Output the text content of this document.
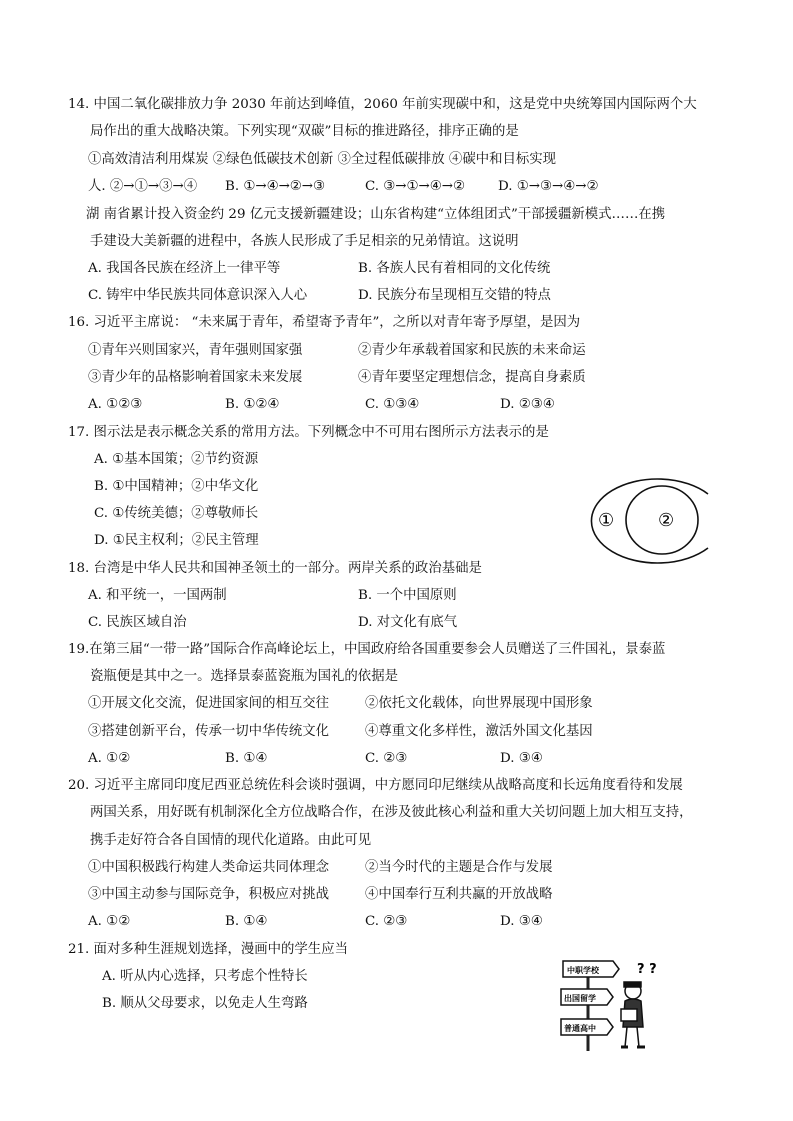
14. 中国二氧化碳排放力争 2030 年前达到峰值，2060 年前实现碳中和，这是党中央统筹国内国际两个大
局作出的重大战略决策。下列实现“双碳”目标的推进路径，排序正确的是
①高效清洁利用煤炭 ②绿色低碳技术创新 ③全过程低碳排放 ④碳中和目标实现
人. ②→①→③→④ B. ①→④→②→③	C. ③→①→④→② D. ①→③→④→②
湖 南省累计投入资金约 29 亿元支援新疆建设；山东省构建“立体组团式”干部援疆新模式……在携
手建设大美新疆的进程中，各族人民形成了手足相亲的兄弟情谊。这说明
A. 我国各民族在经济上一律平等	B. 各族人民有着相同的文化传统
C. 铸牢中华民族共同体意识深入人心	D. 民族分布呈现相互交错的特点
16. 习近平主席说： “未来属于青年，希望寄予青年”，之所以对青年寄予厚望，是因为
①青年兴则国家兴，青年强则国家强	②青少年承载着国家和民族的未来命运
③青少年的品格影响着国家未来发展	④青年要坚定理想信念，提高自身素质
A. ①②③	B. ①②④	C. ①③④	D. ②③④
17. 图示法是表示概念关系的常用方法。下列概念中不可用右图所示方法表示的是
A. ①基本国策；②节约资源
B. ①中国精神；②中华文化
C. ①传统美德；②尊敬师长
D. ①民主权利；②民主管理
① ②
18. 台湾是中华人民共和国神圣领土的一部分。两岸关系的政治基础是
A. 和平统一，一国两制	B. 一个中国原则
C. 民族区域自治	D. 对文化有底气
19.在第三届“一带一路”国际合作高峰论坛上，中国政府给各国重要参会人员赠送了三件国礼，景泰蓝
瓷瓶便是其中之一。选择景泰蓝瓷瓶为国礼的依据是
①开展文化交流，促进国家间的相互交往	②依托文化载体，向世界展现中国形象
③搭建创新平台，传承一切中华传统文化	④尊重文化多样性，激活外国文化基因
A. ①②	B. ①④	C. ②③	D. ③④
20. 习近平主席同印度尼西亚总统佐科会谈时强调，中方愿同印尼继续从战略高度和长远角度看待和发展
两国关系，用好既有机制深化全方位战略合作，在涉及彼此核心利益和重大关切问题上加大相互支持，
携手走好符合各自国情的现代化道路。由此可见
①中国积极践行构建人类命运共同体理念	②当今时代的主题是合作与发展
③中国主动参与国际竞争，积极应对挑战	④中国奉行互利共赢的开放战略
A. ①②	B. ①④	C. ②③	D. ③④
21. 面对多种生涯规划选择，漫画中的学生应当
A. 听从内心选择，只考虑个性特长
B. 顺从父母要求，以免走人生弯路
中职学校
出国留学
普通高中
? ?
